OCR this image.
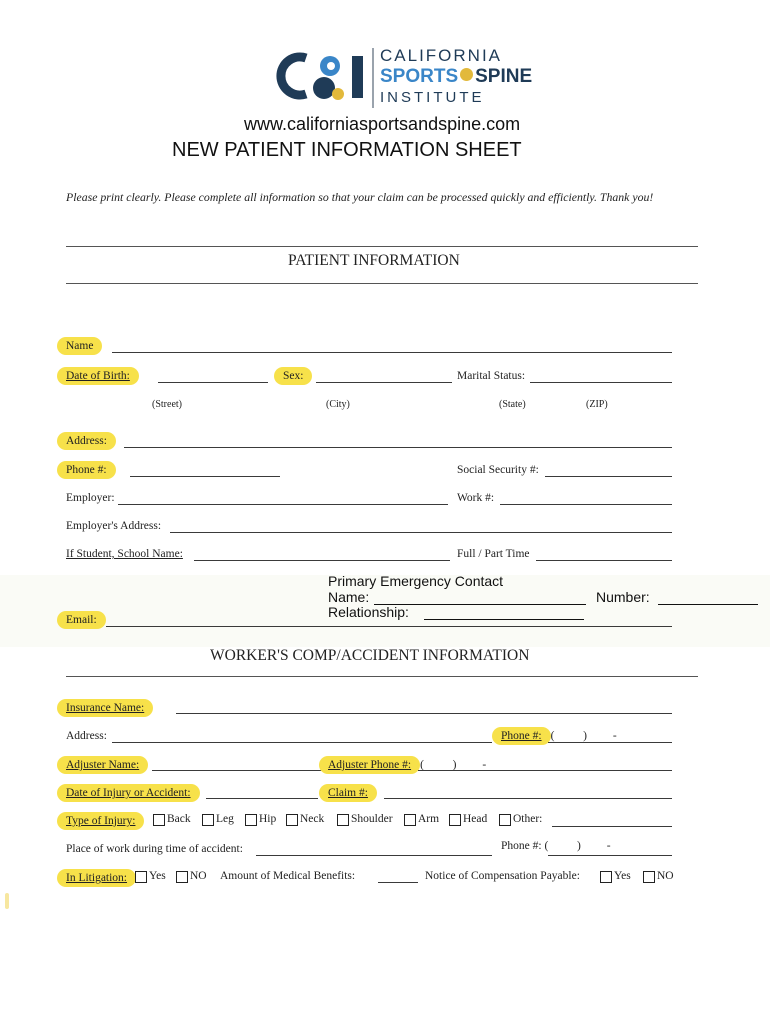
CALIFORNIA
SPORTS SPINE
INSTITUTE
www.californiasportsandspine.com
NEW PATIENT INFORMATION SHEET
Please print clearly. Please complete all information so that your claim can be processed quickly and efficiently. Thank you!
PATIENT INFORMATION
Name
Date of Birth:	Sex:	Marital Status:
(Street)	(City)	(State)	(ZIP)
Address:
Phone #:	Social Security #:
Employer:	Work #:
Employer's Address:
If Student, School Name:	Full / Part Time
Primary Emergency Contact
Name:	Number:
Relationship:
Email:
WORKER'S COMP/ACCIDENT INFORMATION
Insurance Name:
Address:	Phone #: (          )         -
Adjuster Name:	Adjuster Phone #: (          )         -
Date of Injury or Accident:	Claim #:
Type of Injury:	Back Leg Hip Neck Shoulder Arm Head Other:
Place of work during time of accident:	Phone #: (          )         -
In Litigation:	Yes NO Amount of Medical Benefits:	Notice of Compensation Payable:	Yes NO
